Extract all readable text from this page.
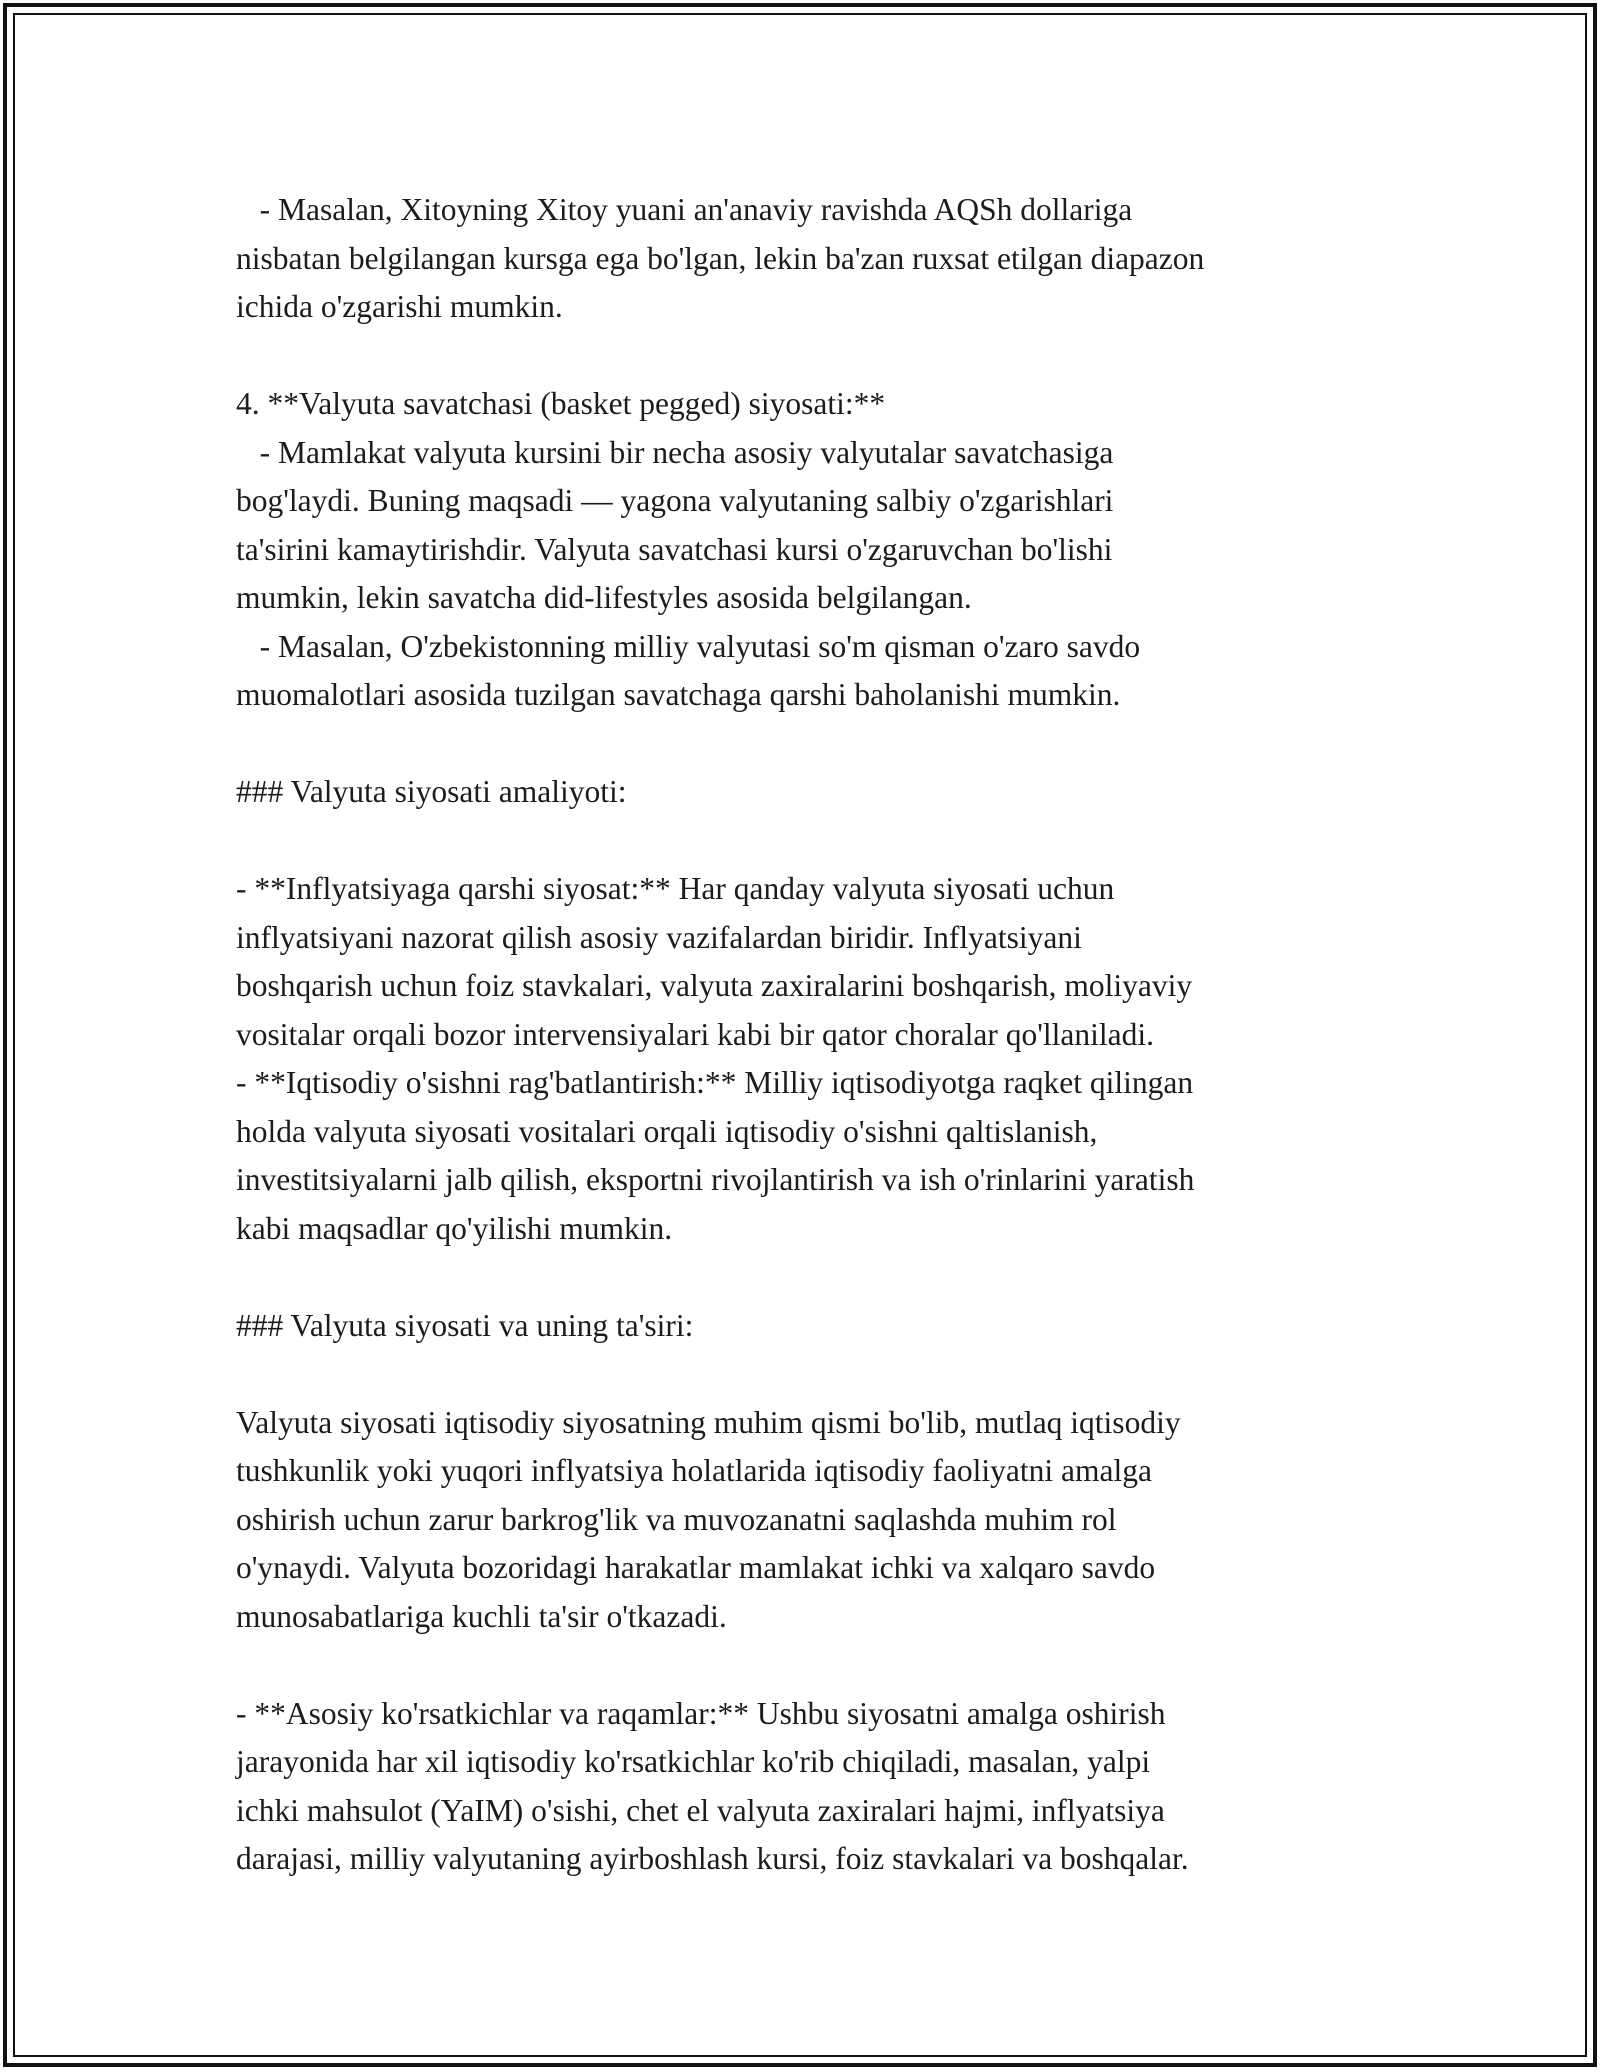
- Masalan, Xitoyning Xitoy yuani an'anaviy ravishda AQSh dollariga
nisbatan belgilangan kursga ega bo'lgan, lekin ba'zan ruxsat etilgan diapazon
ichida o'zgarishi mumkin.
4. **Valyuta savatchasi (basket pegged) siyosati:**
- Mamlakat valyuta kursini bir necha asosiy valyutalar savatchasiga
bog'laydi. Buning maqsadi — yagona valyutaning salbiy o'zgarishlari
ta'sirini kamaytirishdir. Valyuta savatchasi kursi o'zgaruvchan bo'lishi
mumkin, lekin savatcha did-lifestyles asosida belgilangan.
- Masalan, O'zbekistonning milliy valyutasi so'm qisman o'zaro savdo
muomalotlari asosida tuzilgan savatchaga qarshi baholanishi mumkin.
### Valyuta siyosati amaliyoti:
- **Inflyatsiyaga qarshi siyosat:** Har qanday valyuta siyosati uchun
inflyatsiyani nazorat qilish asosiy vazifalardan biridir. Inflyatsiyani
boshqarish uchun foiz stavkalari, valyuta zaxiralarini boshqarish, moliyaviy
vositalar orqali bozor intervensiyalari kabi bir qator choralar qo'llaniladi.
- **Iqtisodiy o'sishni rag'batlantirish:** Milliy iqtisodiyotga raqket qilingan
holda valyuta siyosati vositalari orqali iqtisodiy o'sishni qaltislanish,
investitsiyalarni jalb qilish, eksportni rivojlantirish va ish o'rinlarini yaratish
kabi maqsadlar qo'yilishi mumkin.
### Valyuta siyosati va uning ta'siri:
Valyuta siyosati iqtisodiy siyosatning muhim qismi bo'lib, mutlaq iqtisodiy
tushkunlik yoki yuqori inflyatsiya holatlarida iqtisodiy faoliyatni amalga
oshirish uchun zarur barkrog'lik va muvozanatni saqlashda muhim rol
o'ynaydi. Valyuta bozoridagi harakatlar mamlakat ichki va xalqaro savdo
munosabatlariga kuchli ta'sir o'tkazadi.
- **Asosiy ko'rsatkichlar va raqamlar:** Ushbu siyosatni amalga oshirish
jarayonida har xil iqtisodiy ko'rsatkichlar ko'rib chiqiladi, masalan, yalpi
ichki mahsulot (YaIM) o'sishi, chet el valyuta zaxiralari hajmi, inflyatsiya
darajasi, milliy valyutaning ayirboshlash kursi, foiz stavkalari va boshqalar.
